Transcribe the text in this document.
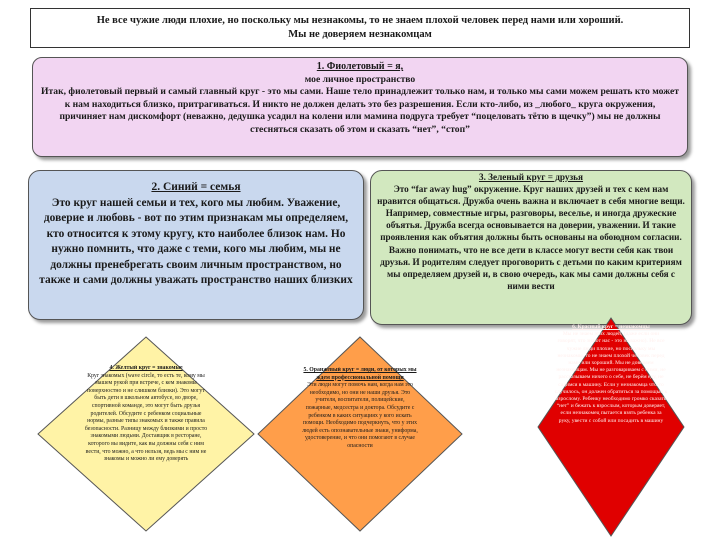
Не все чужие люди плохие, но поскольку мы незнакомы, то не знаем плохой человек перед нами или хороший.
Мы не доверяем незнакомцам
1. Фиолетовый = я,
мое личное пространство
Итак, фиолетовый первый и самый главный круг - это мы сами. Наше тело принадлежит только нам, и только мы сами можем решать кто может к нам находиться близко, притрагиваться. И никто не должен делать это без разрешения. Если кто-либо, из _любого_ круга окружения, причиняет нам дискомфорт (неважно, дедушка усадил на колени или мамина подруга требует “поцеловать тётю в щечку”) мы не должны стесняться сказать об этом и сказать “нет”, “стоп”
2. Синий = семья
Это круг нашей семьи и тех, кого мы любим. Уважение, доверие и любовь - вот по этим признакам мы определяем, кто относится к этому кругу, кто наиболее близок нам. Но нужно помнить, что даже с теми, кого мы любим, мы не должны пренебрегать своим личным пространством, но также и сами должны уважать пространство наших близких
3. Зеленый круг = друзья
Это “far away hug” окружение. Круг наших друзей и тех с кем нам нравится общаться. Дружба очень важна и включает в себя многие вещи. Например, совместные игры, разговоры, веселье, и иногда дружеские объятья. Дружба всегда основывается на доверии, уважении. И такие проявления как объятия должны быть основаны на обоюдном согласии. Важно понимать, что не все дети в классе могут вести себя как твои друзья. И родителям следует проговорить с детьми по каким критериям мы определяем друзей и, в свою очередь, как мы сами должны себя с ними вести
4. Желтый круг = знакомые
Круг знакомых (wave circle, то есть те, кому мы машем рукой при встрече, с кем знакомы поверхностно и не слишком близки). Это могут быть дети в школьном автобусе, во дворе, спортивной команде, это могут быть друзья родителей. Обсудите с ребенком социальные нормы, разные типы знакомых и также правила безопасности. Разницу между близкими и просто знакомыми людьми. Доставщик в ресторане, которого вы видите, как вы должны себя с ним вести, что можно, а что нельзя, ведь мы с ним не знакомы и можно ли ему доверять
5. Оранжевый круг = люди, от которых мы ждем профессиональной помощи
Эти люди могут помочь нам, когда нам это необходимо, но они не наши друзья. Это учителя, воспитатели, полицейские, пожарные, медсестра и доктора. Обсудите с ребенком в каких ситуациях у кого искать помощи. Необходимо подчеркнуть, что у этих людей есть опознавательные знаки, униформа, удостоверение, и что они помогают в случае опасности
6. Красный круг = незнакомцы
Мы не знаем этих людей, (даже если они говорят, что знают нас - это не важно). Не все чужие люди плохие, но поскольку мы незнакомы, то не знаем плохой человек перед нами или хороший. Мы не доверяем незнакомцам. Мы не разговариваем с ними, не рассказываем ничего о себе, не берём еду, не садимся в машину. Если у незнакомца что-то случилось, он должен обратиться за помощью к взрослому. Ребенку необходимо громко сказать “нет” и бежать к взрослым, которым доверяет, если незнакомец пытается взять ребенка за руку, увести с собой или посадить в машину
